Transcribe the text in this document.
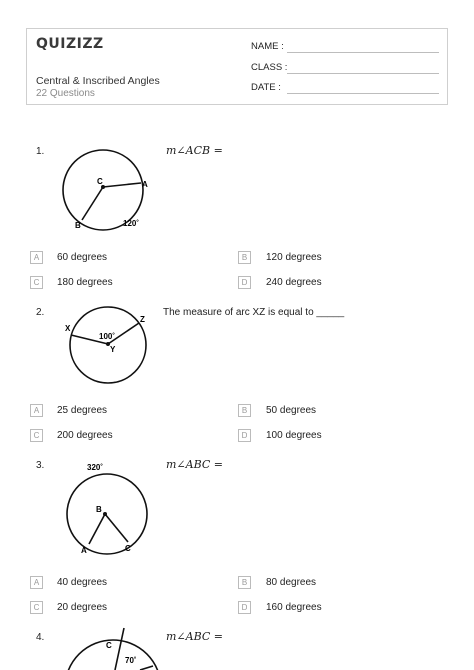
QUIZIZZ
Central & Inscribed Angles
22 Questions
NAME :
CLASS :
DATE :
1.	m∠ACB =
C	A
B	120˚
A	60 degrees	B	120 degrees
C	180 degrees	D	240 degrees
2.	The measure of arc XZ is equal to _____
X
Z
Y
100˚
A	25 degrees	B	50 degrees
C	200 degrees	D	100 degrees
3.	m∠ABC =
320˚
B
A	C
A	40 degrees	B	80 degrees
C	20 degrees	D	160 degrees
4.	m∠ABC =
C
70˚
